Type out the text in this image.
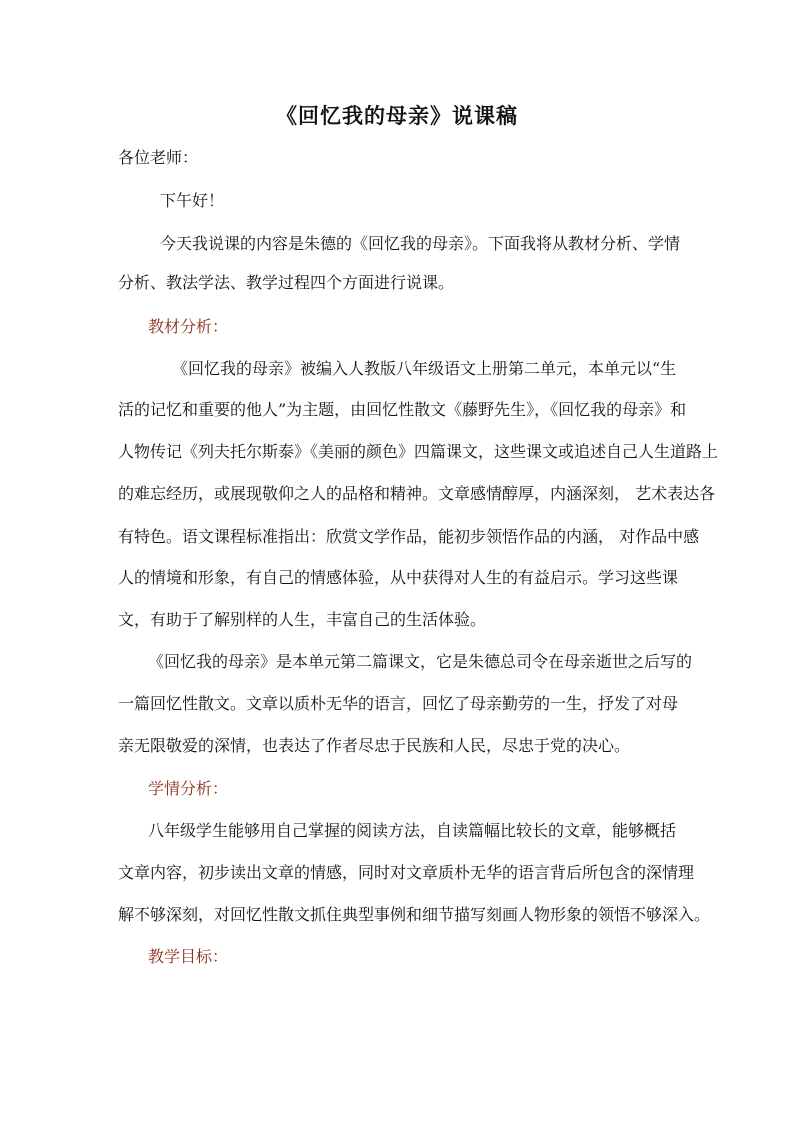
《回忆我的母亲》说课稿

各位老师：

下午好！

今天我说课的内容是朱德的《回忆我的母亲》。下面我将从教材分析、学情

分析、教法学法、教学过程四个方面进行说课。

教材分析：

《回忆我的母亲》被编入人教版八年级语文上册第二单元，本单元以“生

活的记忆和重要的他人”为主题，由回忆性散文《藤野先生》，《回忆我的母亲》和

人物传记《列夫托尔斯泰》《美丽的颜色》四篇课文，这些课文或追述自己人生道路上

的难忘经历，或展现敬仰之人的品格和精神。文章感情醇厚，内涵深刻， 艺术表达各

有特色。语文课程标准指出：欣赏文学作品，能初步领悟作品的内涵， 对作品中感

人的情境和形象，有自己的情感体验，从中获得对人生的有益启示。学习这些课

文，有助于了解别样的人生，丰富自己的生活体验。

《回忆我的母亲》是本单元第二篇课文，它是朱德总司令在母亲逝世之后写的

一篇回忆性散文。文章以质朴无华的语言，回忆了母亲勤劳的一生，抒发了对母

亲无限敬爱的深情，也表达了作者尽忠于民族和人民，尽忠于党的决心。

学情分析：

八年级学生能够用自己掌握的阅读方法，自读篇幅比较长的文章，能够概括

文章内容，初步读出文章的情感，同时对文章质朴无华的语言背后所包含的深情理

解不够深刻，对回忆性散文抓住典型事例和细节描写刻画人物形象的领悟不够深入。

教学目标：
